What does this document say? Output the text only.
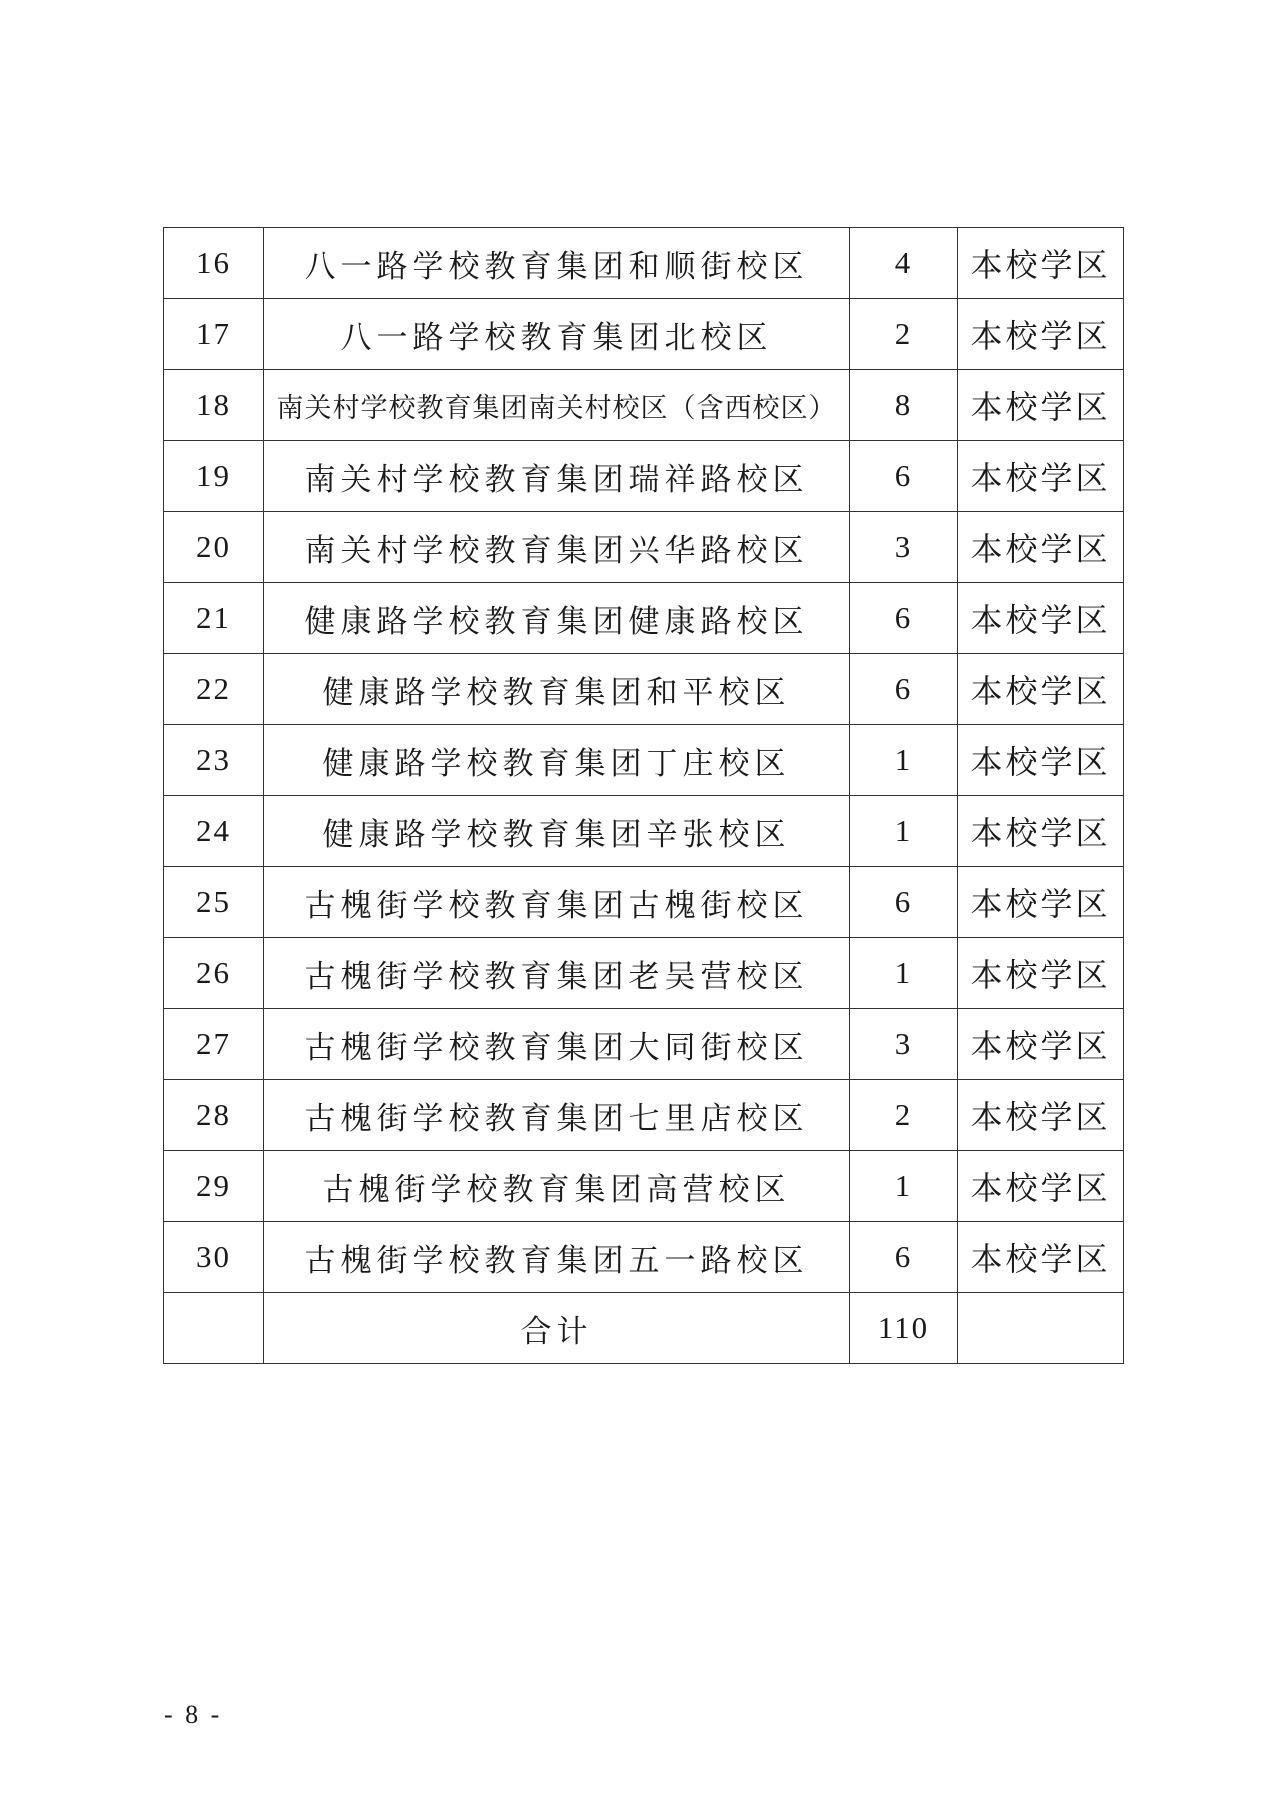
16	八一路学校教育集团和顺街校区	4	本校学区
17	八一路学校教育集团北校区	2	本校学区
18	南关村学校教育集团南关村校区（含西校区）	8	本校学区
19	南关村学校教育集团瑞祥路校区	6	本校学区
20	南关村学校教育集团兴华路校区	3	本校学区
21	健康路学校教育集团健康路校区	6	本校学区
22	健康路学校教育集团和平校区	6	本校学区
23	健康路学校教育集团丁庄校区	1	本校学区
24	健康路学校教育集团辛张校区	1	本校学区
25	古槐街学校教育集团古槐街校区	6	本校学区
26	古槐街学校教育集团老吴营校区	1	本校学区
27	古槐街学校教育集团大同街校区	3	本校学区
28	古槐街学校教育集团七里店校区	2	本校学区
29	古槐街学校教育集团高营校区	1	本校学区
30	古槐街学校教育集团五一路校区	6	本校学区
	合计	110	
- 8 -
